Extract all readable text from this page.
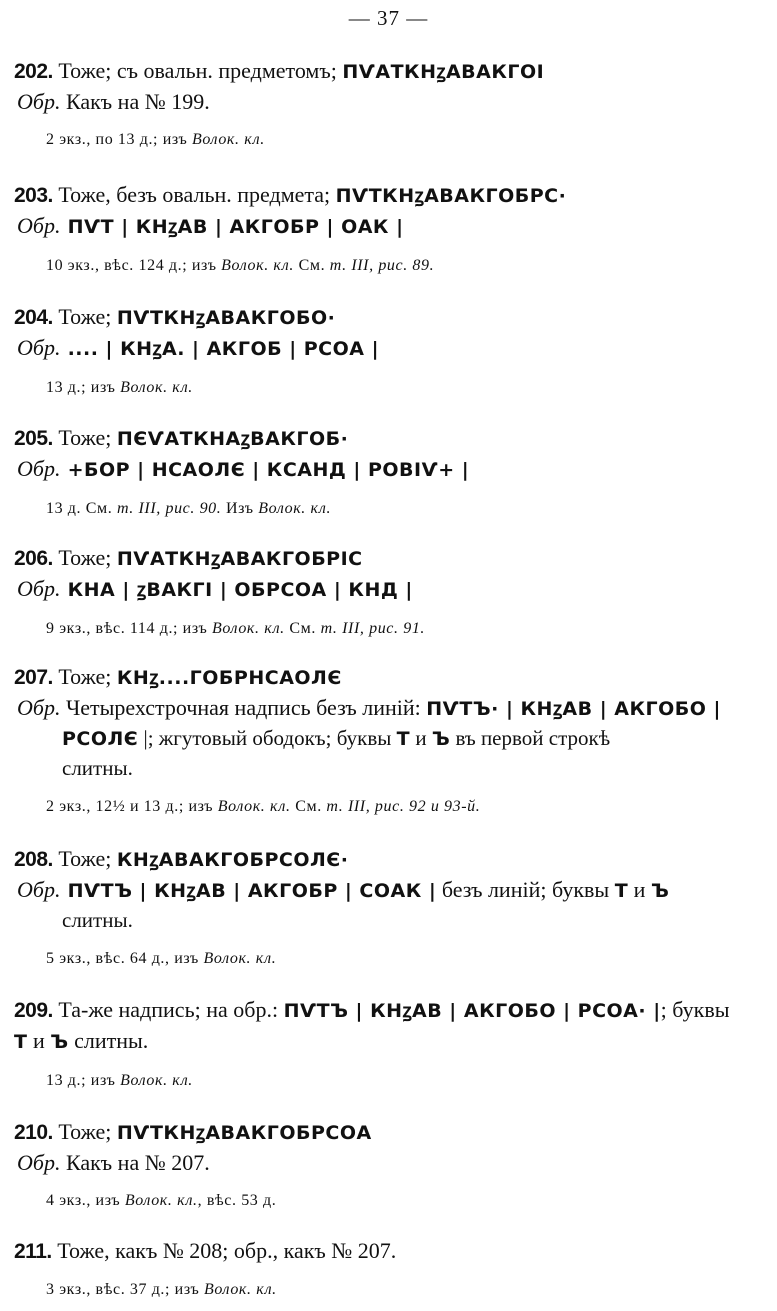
— 37 —
202. Тоже; съ овальн. предметомъ; ПѴАТКНꙁАВАКГОI
Обр. Какъ на № 199.
2 экз., по 13 д.; изъ Волок. кл.
203. Тоже, безъ овальн. предмета; ПѴТКНꙁАВАКГОБРС·
Обр. ПѴТ | КНꙁАВ | АКГОБР | ОАК |
10 экз., вѣс. 124 д.; изъ Волок. кл. См. т. III, рис. 89.
204. Тоже; ПѴТКНꙁАВАКГОБО·
Обр. .... | КНꙁА. | АКГОБ | РСОА |
13 д.; изъ Волок. кл.
205. Тоже; ПЄѴАТКНАꙁВАКГОБ·
Обр. +БОР | НСАОЛЄ | КСАНД | РОВIѴ+ |
13 д. См. т. III, рис. 90. Изъ Волок. кл.
206. Тоже; ПѴАТКНꙁАВАКГОБРIС
Обр. КНА | ꙁВАКГI | ОБРСОА | КНД |
9 экз., вѣс. 114 д.; изъ Волок. кл. См. т. III, рис. 91.
207. Тоже; КНꙁ....ГОБРНСАОЛЄ
Обр. Четырехстрочная надпись безъ линій: ПѴТЪ· | КНꙁАВ | АКГОБО |
РСОЛЄ |; жгутовый ободокъ; буквы Т и Ъ въ первой строкѣ
слитны.
2 экз., 12½ и 13 д.; изъ Волок. кл. См. т. III, рис. 92 и 93-й.
208. Тоже; КНꙁАВАКГОБРСОЛЄ·
Обр. ПѴТЪ | КНꙁАВ | АКГОБР | СОАК | безъ линій; буквы Т и Ъ
слитны.
5 экз., вѣс. 64 д., изъ Волок. кл.
209. Та-же надпись; на обр.: ПѴТЪ | КНꙁАВ | АКГОБО | РСОА· |; буквы
Т и Ъ слитны.
13 д.; изъ Волок. кл.
210. Тоже; ПѴТКНꙁАВАКГОБРСОА
Обр. Какъ на № 207.
4 экз., изъ Волок. кл., вѣс. 53 д.
211. Тоже, какъ № 208; обр., какъ № 207.
3 экз., вѣс. 37 д.; изъ Волок. кл.
